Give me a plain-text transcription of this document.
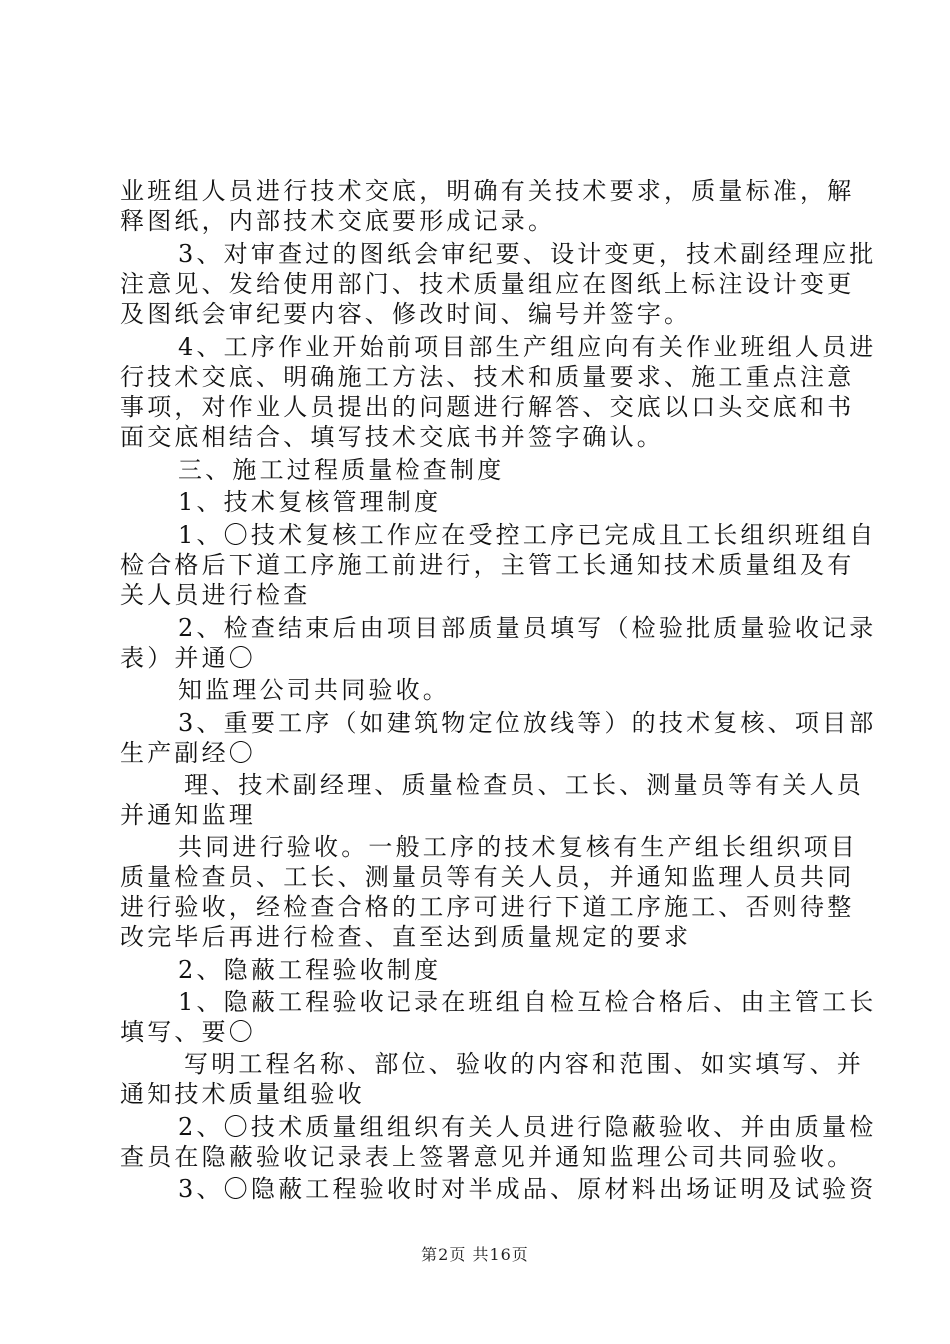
业班组人员进行技术交底，明确有关技术要求，质量标准，解
释图纸，内部技术交底要形成记录。
3、对审查过的图纸会审纪要、设计变更，技术副经理应批
注意见、发给使用部门、技术质量组应在图纸上标注设计变更
及图纸会审纪要内容、修改时间、编号并签字。
4、工序作业开始前项目部生产组应向有关作业班组人员进
行技术交底、明确施工方法、技术和质量要求、施工重点注意
事项，对作业人员提出的问题进行解答、交底以口头交底和书
面交底相结合、填写技术交底书并签字确认。
三、施工过程质量检查制度
1、技术复核管理制度
1、〇技术复核工作应在受控工序已完成且工长组织班组自
检合格后下道工序施工前进行，主管工长通知技术质量组及有
关人员进行检查
2、检查结束后由项目部质量员填写（检验批质量验收记录
表）并通〇
知监理公司共同验收。
3、重要工序（如建筑物定位放线等）的技术复核、项目部
生产副经〇
理、技术副经理、质量检查员、工长、测量员等有关人员
并通知监理
共同进行验收。一般工序的技术复核有生产组长组织项目
质量检查员、工长、测量员等有关人员，并通知监理人员共同
进行验收，经检查合格的工序可进行下道工序施工、否则待整
改完毕后再进行检查、直至达到质量规定的要求
2、隐蔽工程验收制度
1、隐蔽工程验收记录在班组自检互检合格后、由主管工长
填写、要〇
写明工程名称、部位、验收的内容和范围、如实填写、并
通知技术质量组验收
2、〇技术质量组组织有关人员进行隐蔽验收、并由质量检
查员在隐蔽验收记录表上签署意见并通知监理公司共同验收。
3、〇隐蔽工程验收时对半成品、原材料出场证明及试验资
第2页 共16页
